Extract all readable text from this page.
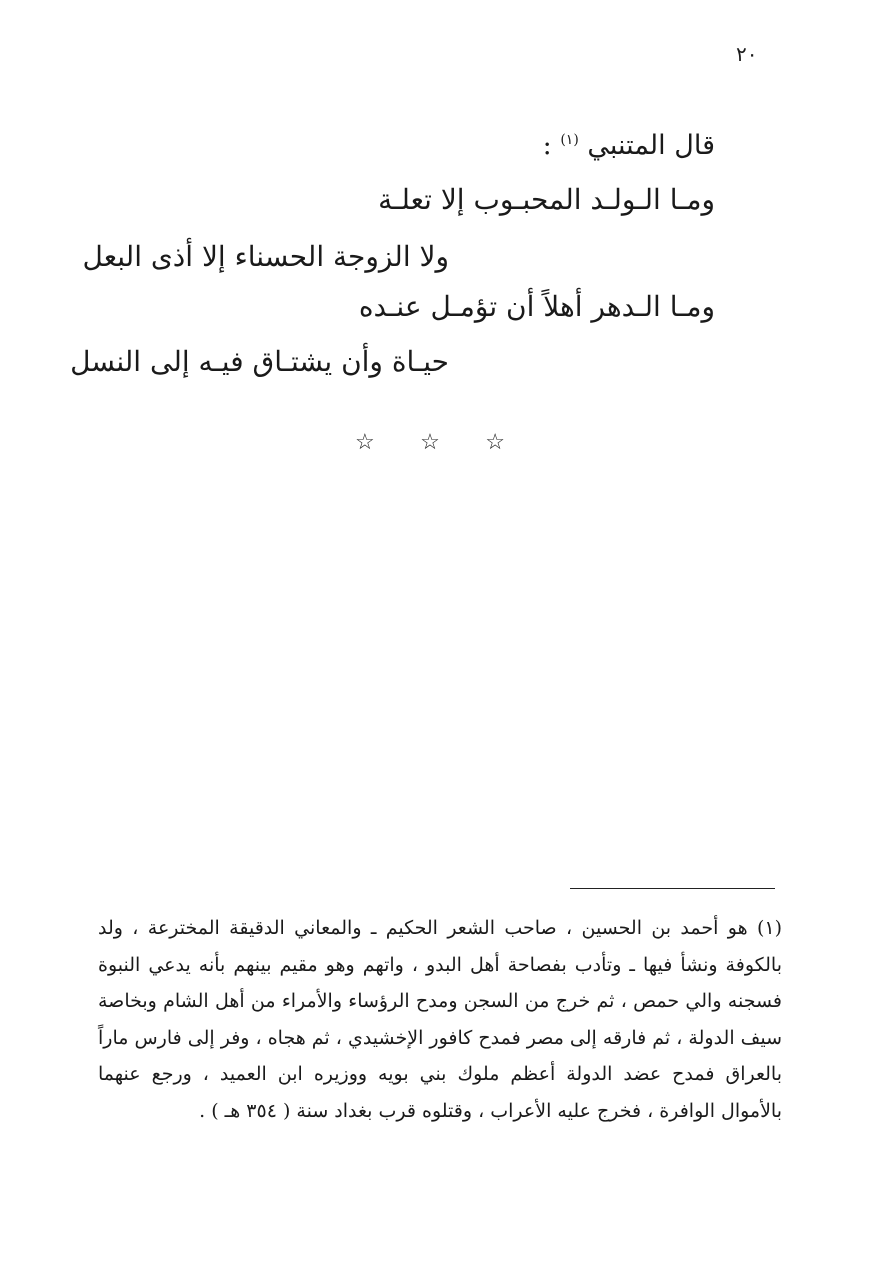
٢٠
قال المتنبي $^{(١)}$ :
ومـا الـولـد المحبـوب إلا تعلـة
ولا الزوجة الحسناء إلا أذى البعل
ومـا الـدهر أهلاً أن تؤمـل عنـده
حيـاة وأن يشتـاق فيـه إلى النسل
☆ ☆ ☆

(١) هو أحمد بن الحسين ، صاحب الشعر الحكيم ـ والمعاني الدقيقة المخترعة ، ولد بالكوفة ونشأ فيها ـ وتأدب بفصاحة أهل البدو ، واتهم وهو مقيم بينهم بأنه يدعي النبوة فسجنه والي حمص ، ثم خرج من السجن ومدح الرؤساء والأمراء من أهل الشام وبخاصة سيف الدولة ، ثم فارقه إلى مصر فمدح كافور الإخشيدي ، ثم هجاه ، وفر إلى فارس ماراً بالعراق فمدح عضد الدولة أعظم ملوك بني بويه ووزيره ابن العميد ، ورجع عنهما بالأموال الوافرة ، فخرج عليه الأعراب ، وقتلوه قرب بغداد سنة ( ٣٥٤ هـ ) .
